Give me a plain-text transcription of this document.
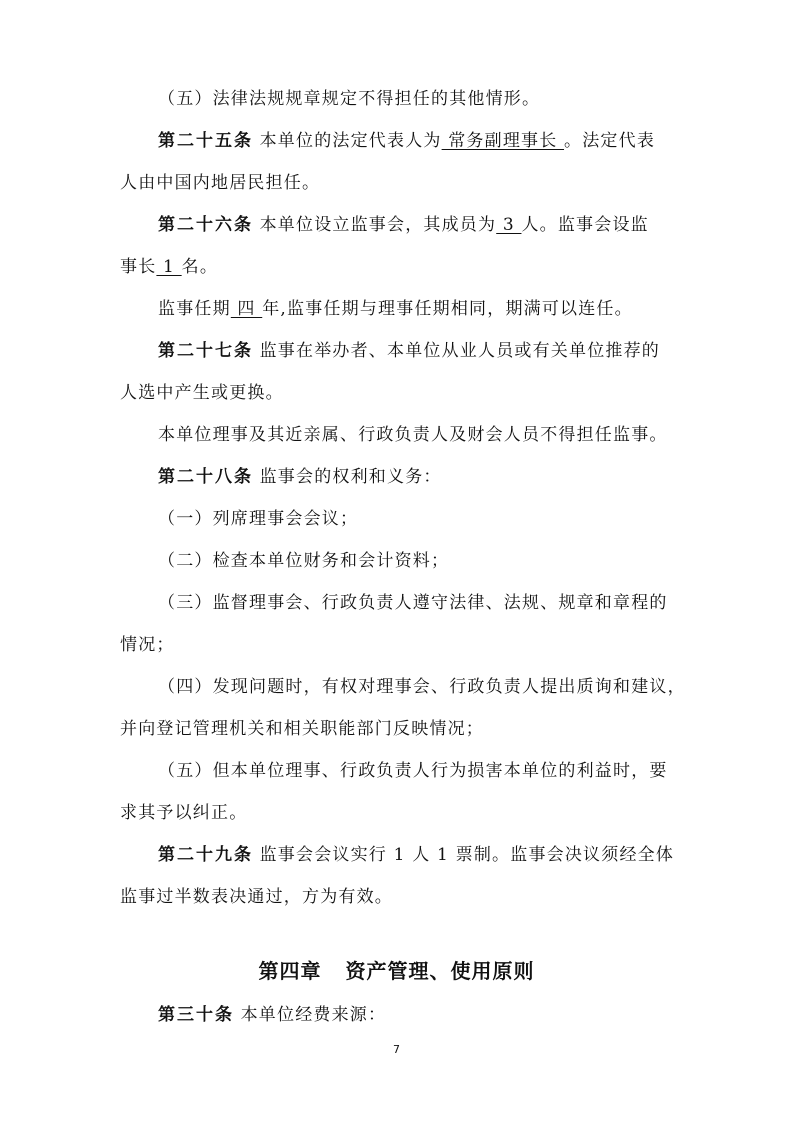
（五）法律法规规章规定不得担任的其他情形。
第二十五条 本单位的法定代表人为 常务副理事长 。法定代表
人由中国内地居民担任。
第二十六条 本单位设立监事会，其成员为 3 人。监事会设监
事长 1 名。
监事任期 四 年,监事任期与理事任期相同，期满可以连任。
第二十七条 监事在举办者、本单位从业人员或有关单位推荐的
人选中产生或更换。
本单位理事及其近亲属、行政负责人及财会人员不得担任监事。
第二十八条 监事会的权利和义务：
（一）列席理事会会议；
（二）检查本单位财务和会计资料；
（三）监督理事会、行政负责人遵守法律、法规、规章和章程的
情况；
（四）发现问题时，有权对理事会、行政负责人提出质询和建议，
并向登记管理机关和相关职能部门反映情况；
（五）但本单位理事、行政负责人行为损害本单位的利益时，要
求其予以纠正。
第二十九条 监事会会议实行 1 人 1 票制。监事会决议须经全体
监事过半数表决通过，方为有效。
第四章 资产管理、使用原则
第三十条 本单位经费来源：
7
